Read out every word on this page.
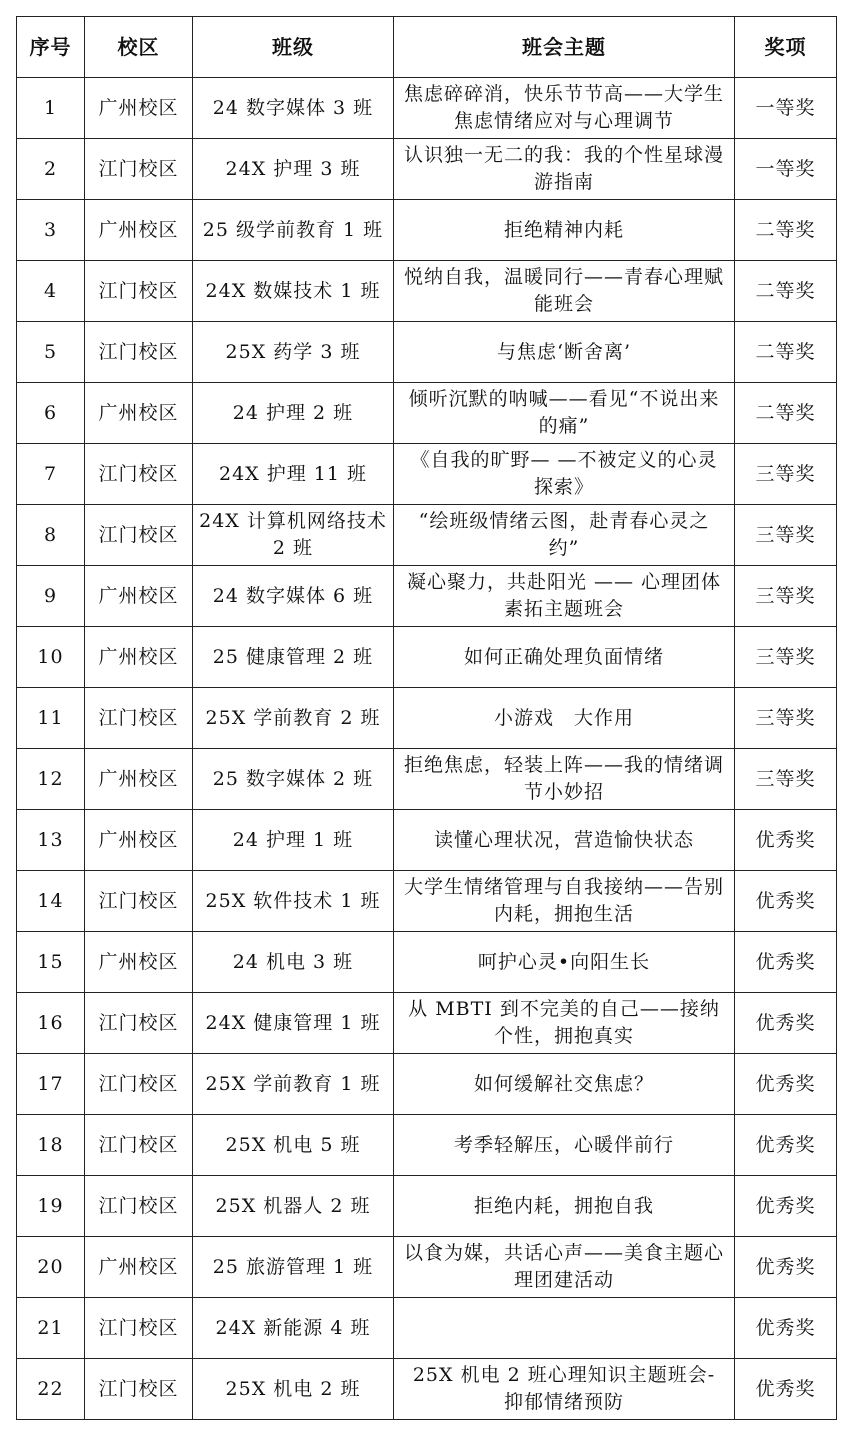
序号	校区	班级	班会主题	奖项
1	广州校区	24 数字媒体 3 班	焦虑碎碎消，快乐节节高——大学生焦虑情绪应对与心理调节	一等奖
2	江门校区	24X 护理 3 班	认识独一无二的我：我的个性星球漫游指南	一等奖
3	广州校区	25 级学前教育 1 班	拒绝精神内耗	二等奖
4	江门校区	24X 数媒技术 1 班	悦纳自我，温暖同行——青春心理赋能班会	二等奖
5	江门校区	25X 药学 3 班	与焦虑‘断舍离’	二等奖
6	广州校区	24 护理 2 班	倾听沉默的呐喊——看见“不说出来的痛”	二等奖
7	江门校区	24X 护理 11 班	《自我的旷野— —不被定义的心灵探索》	三等奖
8	江门校区	24X 计算机网络技术 2 班	“绘班级情绪云图，赴青春心灵之约”	三等奖
9	广州校区	24 数字媒体 6 班	凝心聚力，共赴阳光 —— 心理团体素拓主题班会	三等奖
10	广州校区	25 健康管理 2 班	如何正确处理负面情绪	三等奖
11	江门校区	25X 学前教育 2 班	小游戏　大作用	三等奖
12	广州校区	25 数字媒体 2 班	拒绝焦虑，轻装上阵——我的情绪调节小妙招	三等奖
13	广州校区	24 护理 1 班	读懂心理状况，营造愉快状态	优秀奖
14	江门校区	25X 软件技术 1 班	大学生情绪管理与自我接纳——告别内耗，拥抱生活	优秀奖
15	广州校区	24 机电 3 班	呵护心灵•向阳生长	优秀奖
16	江门校区	24X 健康管理 1 班	从 MBTI 到不完美的自己——接纳个性，拥抱真实	优秀奖
17	江门校区	25X 学前教育 1 班	如何缓解社交焦虑？	优秀奖
18	江门校区	25X 机电 5 班	考季轻解压，心暖伴前行	优秀奖
19	江门校区	25X 机器人 2 班	拒绝内耗，拥抱自我	优秀奖
20	广州校区	25 旅游管理 1 班	以食为媒，共话心声——美食主题心理团建活动	优秀奖
21	江门校区	24X 新能源 4 班		优秀奖
22	江门校区	25X 机电 2 班	25X 机电 2 班心理知识主题班会-抑郁情绪预防	优秀奖
